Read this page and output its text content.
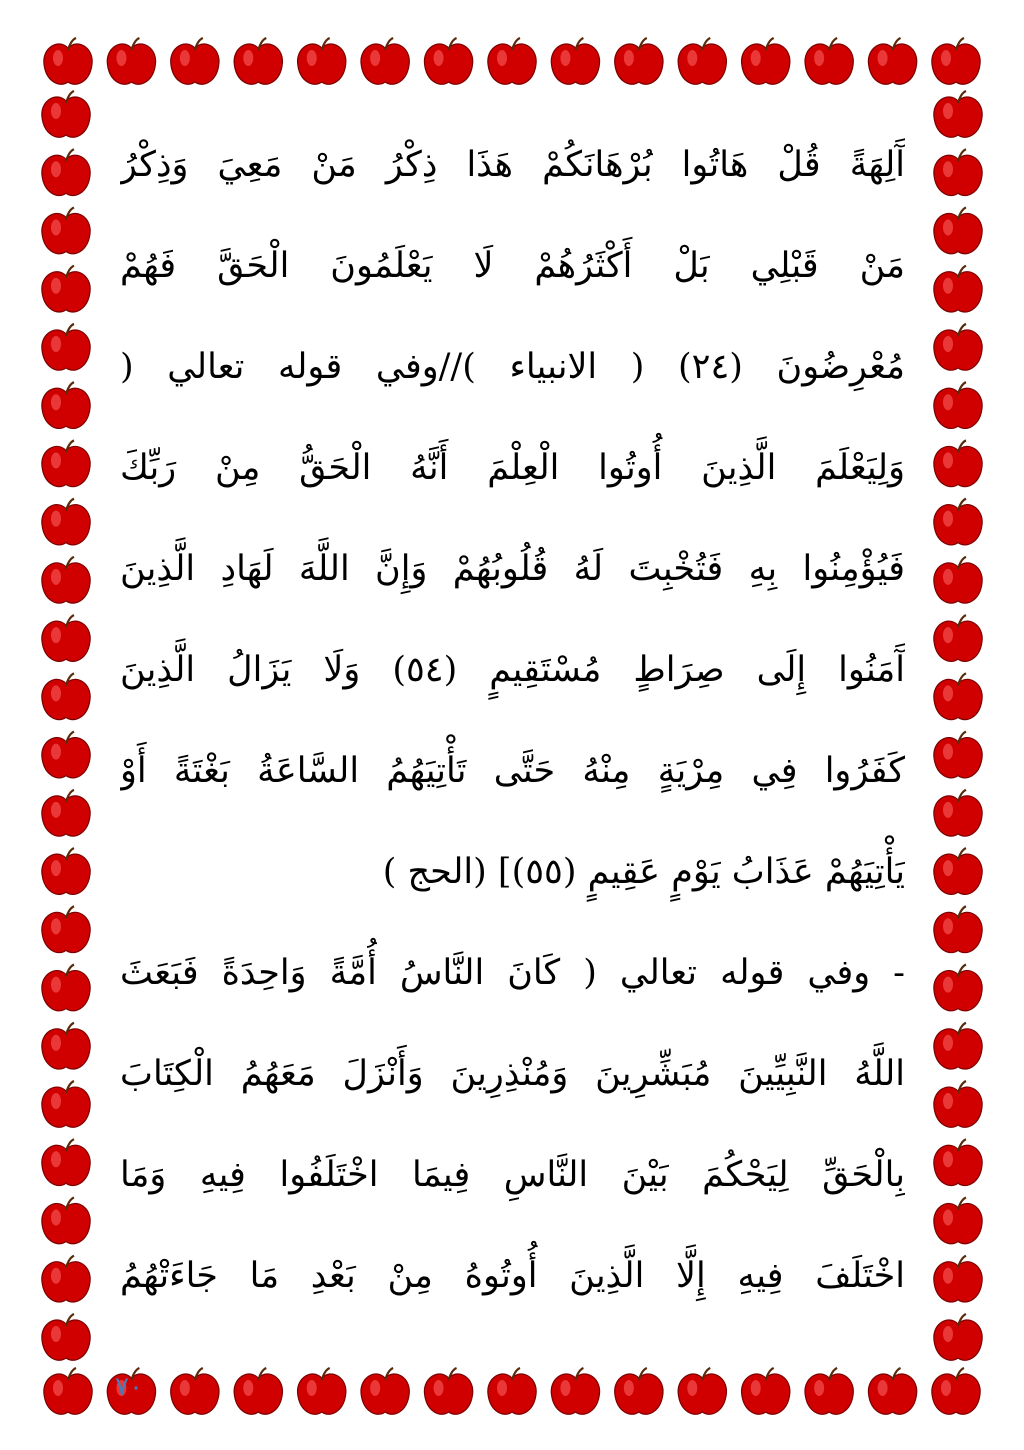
آَلِهَةً قُلْ هَاتُوا بُرْهَانَكُمْ هَذَا ذِكْرُ مَنْ مَعِيَ وَذِكْرُ
مَنْ قَبْلِي بَلْ أَكْثَرُهُمْ لَا يَعْلَمُونَ الْحَقَّ فَهُمْ
مُعْرِضُونَ (٢٤) ( الانبياء )//وفي قوله تعالي (
وَلِيَعْلَمَ الَّذِينَ أُوتُوا الْعِلْمَ أَنَّهُ الْحَقُّ مِنْ رَبِّكَ
فَيُؤْمِنُوا بِهِ فَتُخْبِتَ لَهُ قُلُوبُهُمْ وَإِنَّ اللَّهَ لَهَادِ الَّذِينَ
آَمَنُوا إِلَى صِرَاطٍ مُسْتَقِيمٍ (٥٤) وَلَا يَزَالُ الَّذِينَ
كَفَرُوا فِي مِرْيَةٍ مِنْهُ حَتَّى تَأْتِيَهُمُ السَّاعَةُ بَغْتَةً أَوْ
يَأْتِيَهُمْ عَذَابُ يَوْمٍ عَقِيمٍ (٥٥)] (الحج )
- وفي قوله تعالي ( كَانَ النَّاسُ أُمَّةً وَاحِدَةً فَبَعَثَ
اللَّهُ النَّبِيِّينَ مُبَشِّرِينَ وَمُنْذِرِينَ وَأَنْزَلَ مَعَهُمُ الْكِتَابَ
بِالْحَقِّ لِيَحْكُمَ بَيْنَ النَّاسِ فِيمَا اخْتَلَفُوا فِيهِ وَمَا
اخْتَلَفَ فِيهِ إِلَّا الَّذِينَ أُوتُوهُ مِنْ بَعْدِ مَا جَاءَتْهُمُ
٧٠
